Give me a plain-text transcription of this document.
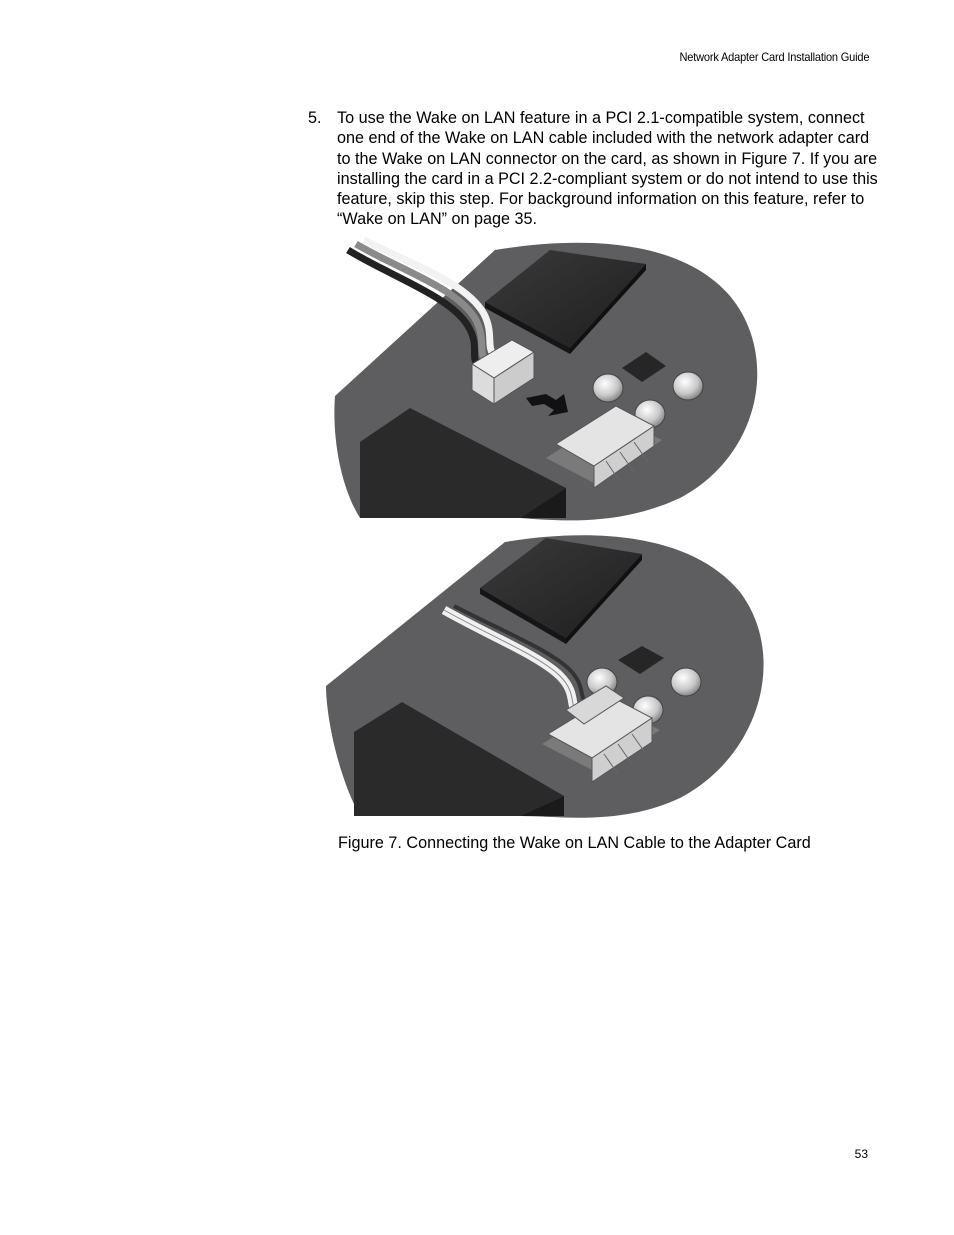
Network Adapter Card Installation Guide
5. To use the Wake on LAN feature in a PCI 2.1-compatible system, connect one end of the Wake on LAN cable included with the network adapter card to the Wake on LAN connector on the card, as shown in Figure 7. If you are installing the card in a PCI 2.2-compliant system or do not intend to use this feature, skip this step. For background information on this feature, refer to “Wake on LAN” on page 35.
Figure 7. Connecting the Wake on LAN Cable to the Adapter Card
53
